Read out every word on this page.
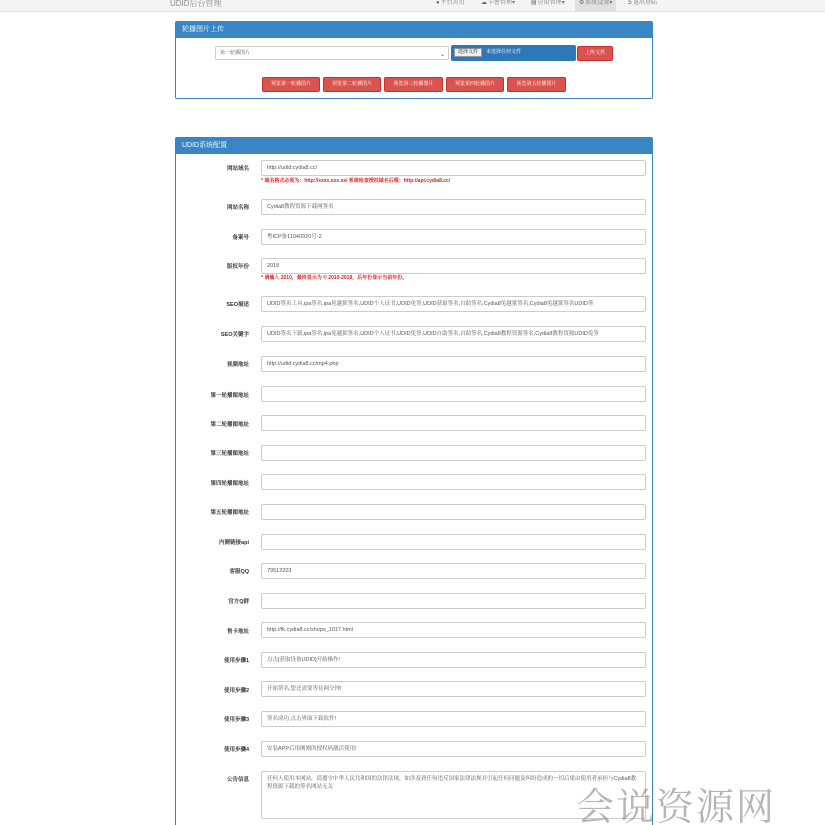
UDID后台管理	●平台首页	☁卡密管理▾	▤应用管理▾	⚙系统设置▾	➲退出登陆
轮播图片上传
第一轮播图片	⌄	选择文件	未选择任何文件	上传文件
预览第一轮播图片	预览第二轮播图片	预览第三轮播图片	预览第四轮播图片	预览第五轮播图片
UDID系统配置
网站域名	http://udid.cydia8.cc/
* 域名格式必须为：http://xxxx.xxx.xx/ 系统检查授权域名后缀：http://api.cydia8.cc/
网站名称	Cydia8教程资源下载网签名
备案号	粤ICP备11040920号-2
版权年份	2018
* 请输入 2010，最终显示为 © 2010-2018，后年份显示当前年份。
SEO描述	UDID签名工具,ipa签名,ipa免越狱签名,UDID个人证书,UDID免签,UDID获取签名,自助签名,Cydia8免越狱签名,Cydia8免越狱签名UDID签
SEO关键字	UDID签名下载,ipa签名,ipa免越狱签名,UDID个人证书,UDID免签,UDID自助签名,自助签名,Cydia8教程资源签名,Cydia8教程资源UDID免签
视频地址	http://udid.cydia8.cc/mp4.php
第一轮播图地址
第二轮播图地址
第三轮播图地址
第四轮播图地址
第五轮播图地址
内测链接api
客服QQ	79512203
官方Q群
售卡地址	http://fk.cydia8.cc/shops_1017.html
使用步骤1	点击[获取设备UDID]开始操作!
使用步骤2	开始签名,您还需要等待网分钟!
使用步骤3	签名成功,点击界面下载软件!
使用步骤4	安装APP后用刚刚的授权码激活使用!
公告信息	任何人使用本网站，请遵守中华人民共和国的法律法规，如涉及到任何违反国家法律法规并引起任何问题及纠纷造成的一切后果由使用者承担与Cydia8教程资源下载的签名网站无关	会说资源网
